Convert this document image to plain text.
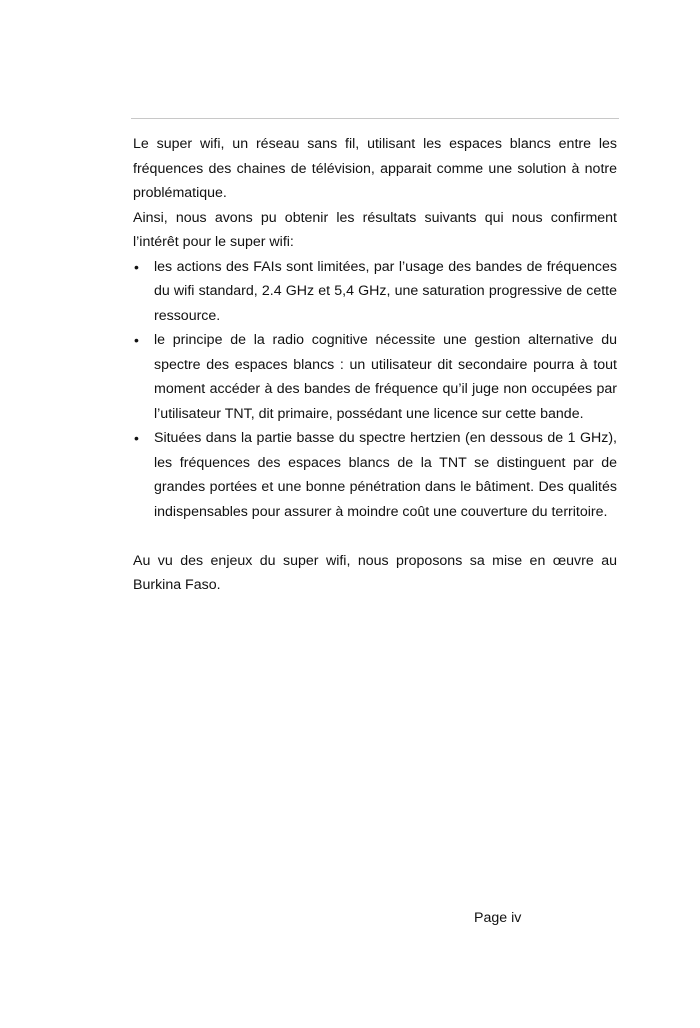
Le super wifi, un réseau sans fil, utilisant les espaces blancs entre les fréquences des chaines de télévision, apparait comme une solution à notre problématique.

Ainsi, nous avons pu obtenir les résultats suivants qui nous confirment l’intérêt pour le super wifi:

• les actions des FAIs sont limitées, par l’usage des bandes de fréquences du wifi standard, 2.4 GHz et 5,4 GHz, une saturation progressive de cette ressource.
• le principe de la radio cognitive nécessite une gestion alternative du spectre des espaces blancs : un utilisateur dit secondaire pourra à tout moment accéder à des bandes de fréquence qu’il juge non occupées par l’utilisateur TNT, dit primaire, possédant une licence sur cette bande.
• Situées dans la partie basse du spectre hertzien (en dessous de 1 GHz), les fréquences des espaces blancs de la TNT se distinguent par de grandes portées et une bonne pénétration dans le bâtiment. Des qualités indispensables pour assurer à moindre coût une couverture du territoire.

Au vu des enjeux du super wifi, nous proposons sa mise en œuvre au Burkina Faso.

Page iv
